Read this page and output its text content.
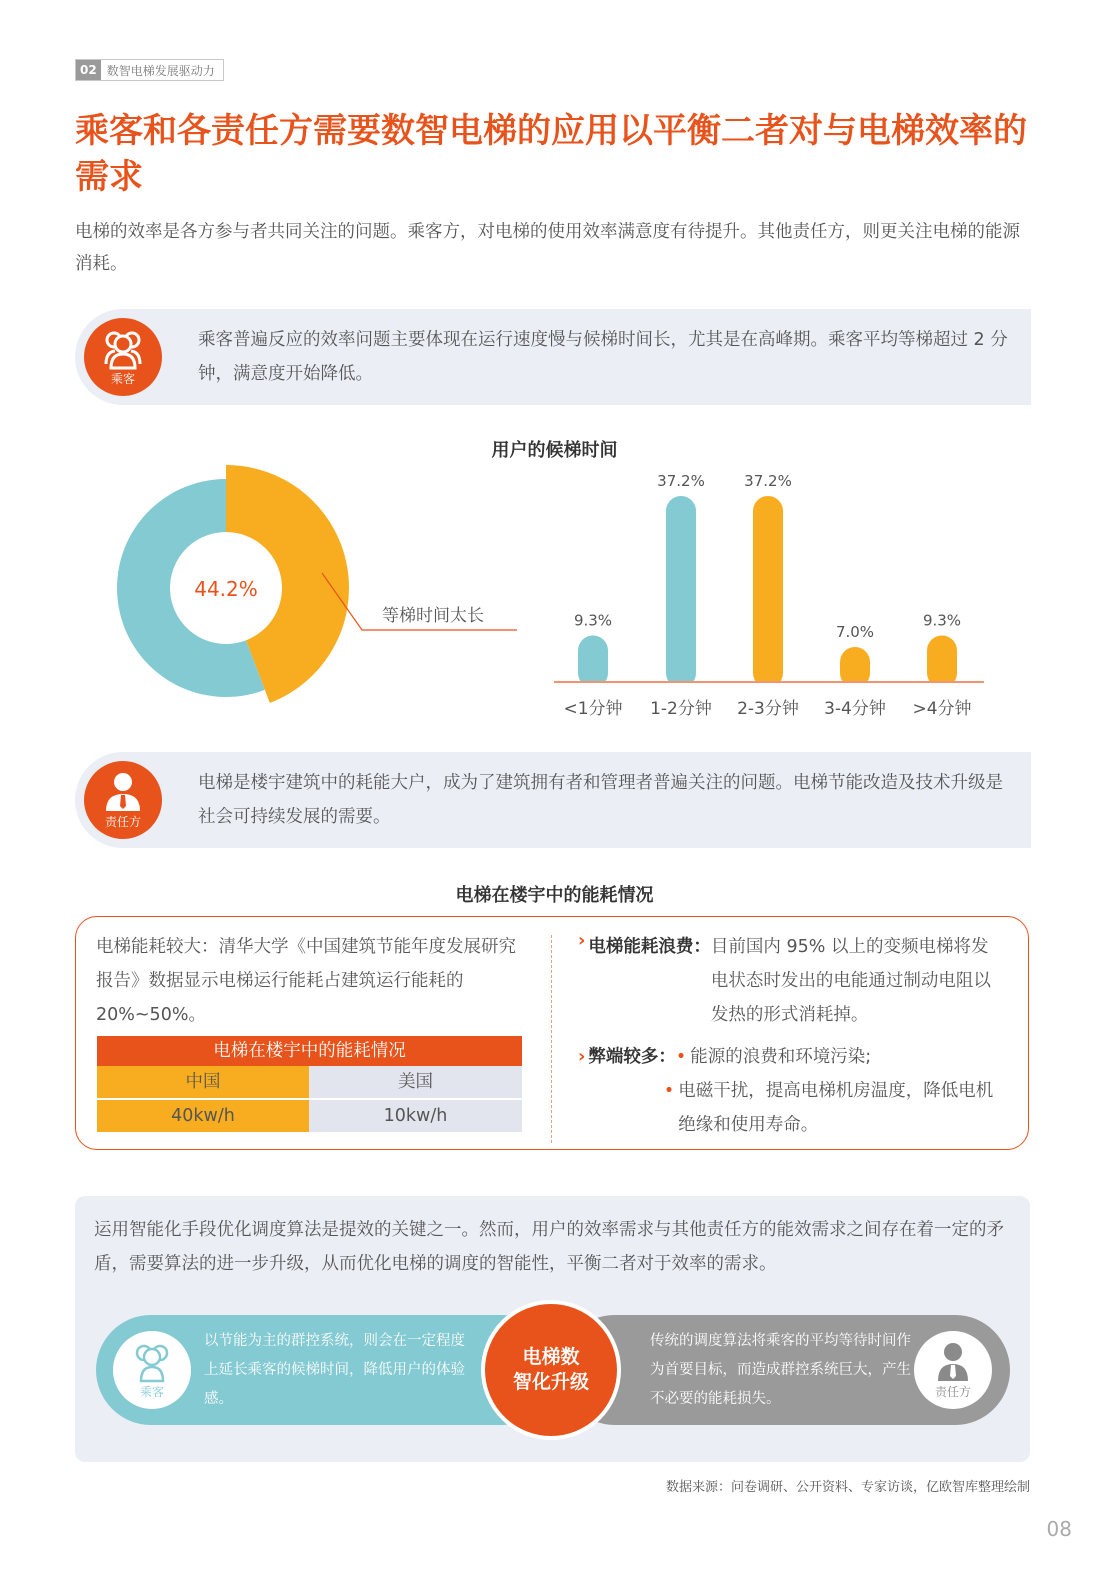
02 数智电梯发展驱动力
乘客和各责任方需要数智电梯的应用以平衡二者对与电梯效率的需求
电梯的效率是各方参与者共同关注的问题。乘客方，对电梯的使用效率满意度有待提升。其他责任方，则更关注电梯的能源消耗。
乘客
乘客普遍反应的效率问题主要体现在运行速度慢与候梯时间长，尤其是在高峰期。乘客平均等梯超过 2 分钟，满意度开始降低。
用户的候梯时间
44.2%
等梯时间太长	9.3%
<1分钟
37.2%
1-2分钟
37.2%
2-3分钟
7.0%
3-4分钟
9.3%
>4分钟
责任方
电梯是楼宇建筑中的耗能大户，成为了建筑拥有者和管理者普遍关注的问题。电梯节能改造及技术升级是社会可持续发展的需要。
电梯在楼宇中的能耗情况
电梯能耗较大：清华大学《中国建筑节能年度发展研究报告》数据显示电梯运行能耗占建筑运行能耗的 20%~50%。
电梯在楼宇中的能耗情况
中国	美国
40kw/h	10kw/h
› 电梯能耗浪费： 目前国内 95% 以上的变频电梯将发电状态时发出的电能通过制动电阻以发热的形式消耗掉。
› 弊端较多： • 能源的浪费和环境污染;
• 电磁干扰，提高电梯机房温度，降低电机绝缘和使用寿命。
运用智能化手段优化调度算法是提效的关键之一。然而，用户的效率需求与其他责任方的能效需求之间存在着一定的矛盾，需要算法的进一步升级，从而优化电梯的调度的智能性，平衡二者对于效率的需求。
乘客
以节能为主的群控系统，则会在一定程度上延长乘客的候梯时间，降低用户的体验感。
传统的调度算法将乘客的平均等待时间作为首要目标，而造成群控系统巨大，产生不必要的能耗损失。	责任方
电梯数
智化升级
数据来源：问卷调研、公开资料、专家访谈，亿欧智库整理绘制
08
